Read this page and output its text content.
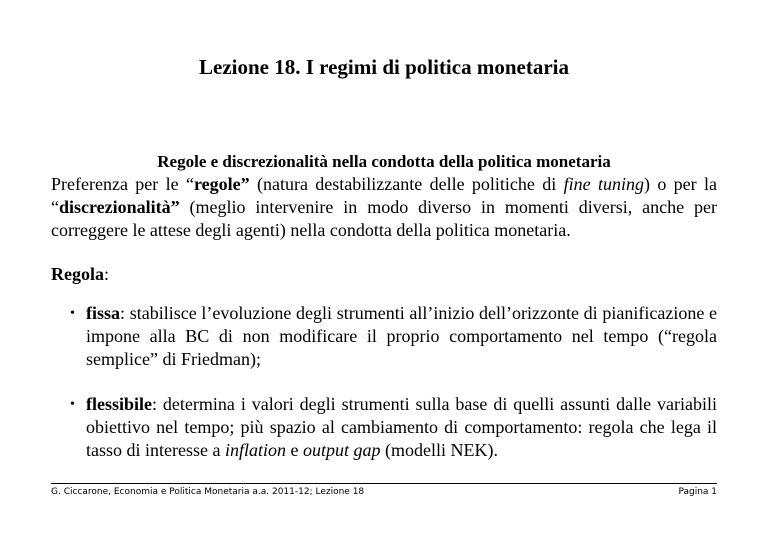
Lezione 18. I regimi di politica monetaria
Regole e discrezionalità nella condotta della politica monetaria
Preferenza per le “regole” (natura destabilizzante delle politiche di fine tuning) o per la “discrezionalità” (meglio intervenire in modo diverso in momenti diversi, anche per correggere le attese degli agenti) nella condotta della politica monetaria.
Regola:
• fissa: stabilisce l’evoluzione degli strumenti all’inizio dell’orizzonte di pianificazione e impone alla BC di non modificare il proprio comportamento nel tempo (“regola semplice” di Friedman);
• flessibile: determina i valori degli strumenti sulla base di quelli assunti dalle variabili obiettivo nel tempo; più spazio al cambiamento di comportamento: regola che lega il tasso di interesse a inflation e output gap (modelli NEK).
G. Ciccarone, Economia e Politica Monetaria a.a. 2011-12; Lezione 18	Pagina 1
